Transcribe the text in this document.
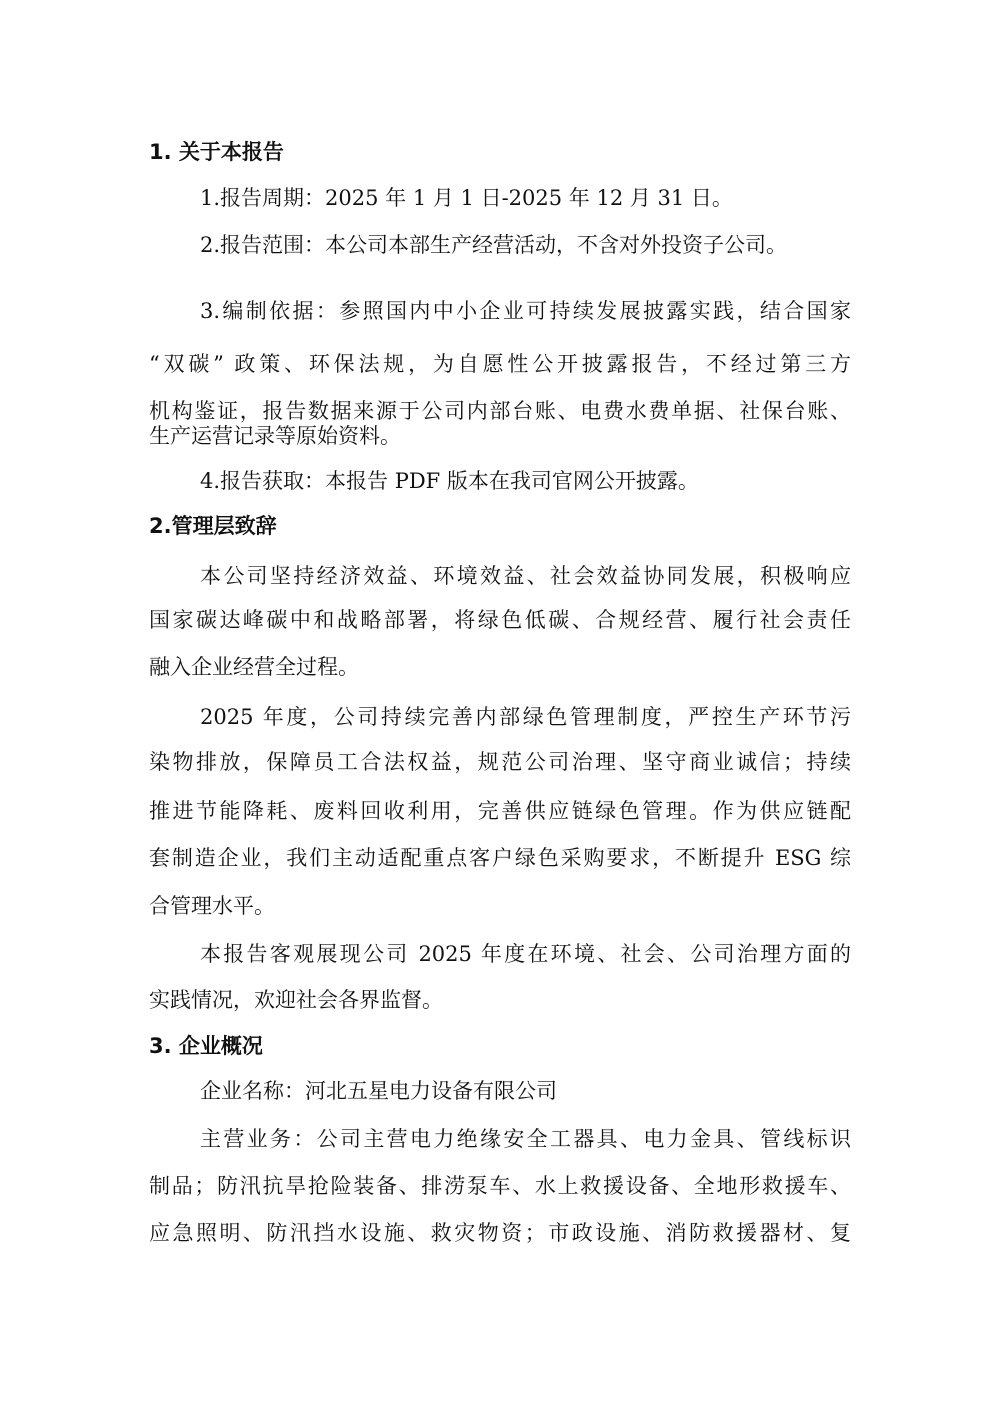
1. 关于本报告
1.报告周期：2025 年 1 月 1 日-2025 年 12 月 31 日。
2.报告范围：本公司本部生产经营活动，不含对外投资子公司。
3.编制依据：参照国内中小企业可持续发展披露实践，结合国家
“双碳” 政策、环保法规，为自愿性公开披露报告，不经过第三方
机构鉴证，报告数据来源于公司内部台账、电费水费单据、社保台账、
生产运营记录等原始资料。
4.报告获取：本报告 PDF 版本在我司官网公开披露。
2.管理层致辞
本公司坚持经济效益、环境效益、社会效益协同发展，积极响应
国家碳达峰碳中和战略部署，将绿色低碳、合规经营、履行社会责任
融入企业经营全过程。
2025 年度，公司持续完善内部绿色管理制度，严控生产环节污
染物排放，保障员工合法权益，规范公司治理、坚守商业诚信；持续
推进节能降耗、废料回收利用，完善供应链绿色管理。作为供应链配
套制造企业，我们主动适配重点客户绿色采购要求，不断提升 ESG 综
合管理水平。
本报告客观展现公司 2025 年度在环境、社会、公司治理方面的
实践情况，欢迎社会各界监督。
3. 企业概况
企业名称：河北五星电力设备有限公司
主营业务：公司主营电力绝缘安全工器具、电力金具、管线标识
制品；防汛抗旱抢险装备、排涝泵车、水上救援设备、全地形救援车、
应急照明、防汛挡水设施、救灾物资；市政设施、消防救援器材、复
